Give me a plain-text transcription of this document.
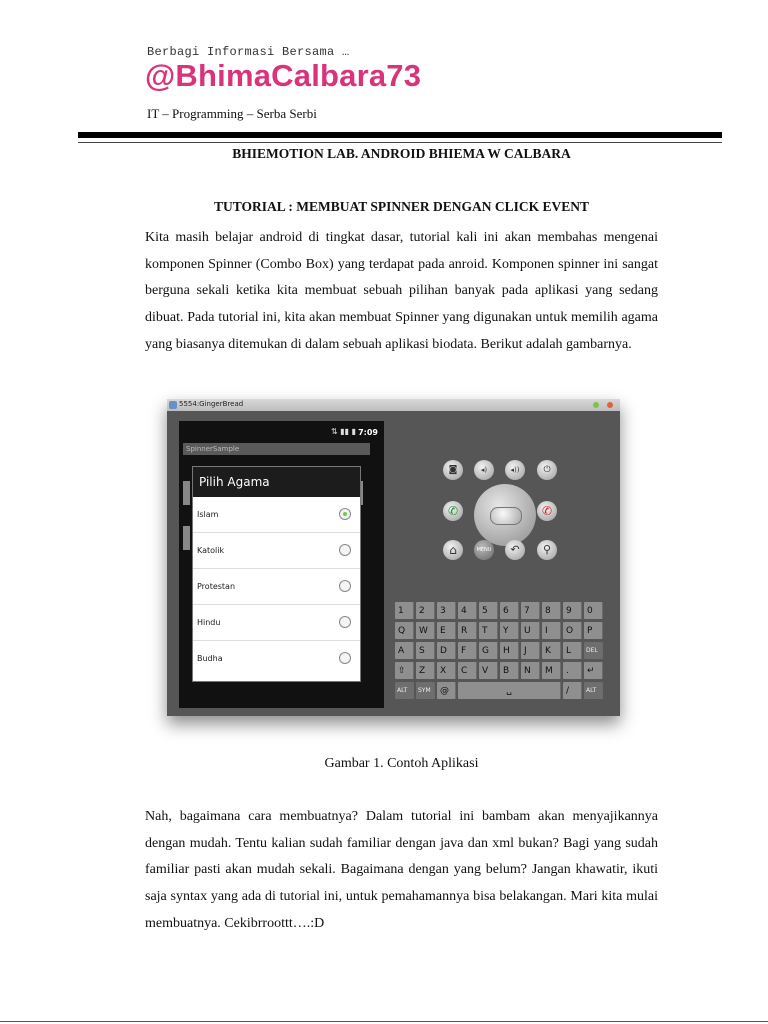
Berbagi Informasi Bersama …
@BhimaCalbara73
IT – Programming – Serba Serbi
BHIEMOTION LAB. ANDROID BHIEMA W CALBARA
TUTORIAL : MEMBUAT SPINNER DENGAN CLICK EVENT

Kita masih belajar android di tingkat dasar, tutorial kali ini akan membahas mengenai komponen Spinner (Combo Box) yang terdapat pada anroid. Komponen spinner ini sangat berguna sekali ketika kita membuat sebuah pilihan banyak pada aplikasi yang sedang dibuat. Pada tutorial ini, kita akan membuat Spinner yang digunakan untuk memilih agama yang biasanya ditemukan di dalam sebuah aplikasi biodata. Berikut adalah gambarnya.

5554:GingerBread
⇅ ▮▮ ▮ 7:09
SpinnerSample
Pilih Agama
Islam
Katolik
Protestan
Hindu
Budha
◙	◂)	◂))	⏻
✆	✆
⌂	MENU	↶	⚲
1	2	3	4	5	6	7	8	9	0
Q	W	E	R	T	Y	U	I	O	P
A	S	D	F	G	H	J	K	L	DEL
⇧	Z	X	C	V	B	N	M	.	↵
ALT	SYM	@	␣	/	ALT
Gambar 1. Contoh Aplikasi

Nah, bagaimana cara membuatnya? Dalam tutorial ini bambam akan menyajikannya dengan mudah. Tentu kalian sudah familiar dengan java dan xml bukan? Bagi yang sudah familiar pasti akan mudah sekali. Bagaimana dengan yang belum? Jangan khawatir, ikuti saja syntax yang ada di tutorial ini, untuk pemahamannya bisa belakangan. Mari kita mulai membuatnya. Cekibrroottt….:D
